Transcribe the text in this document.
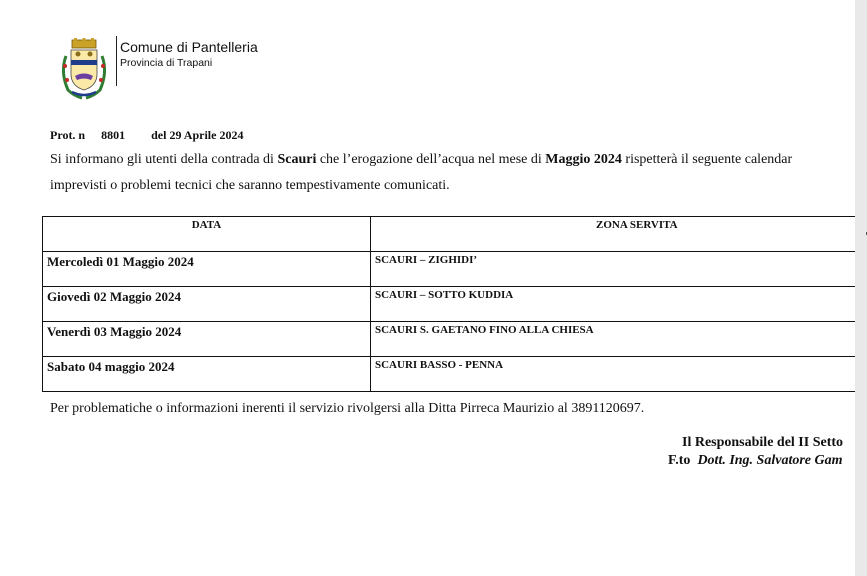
Comune di Pantelleria
Provincia di Trapani
Prot. n 8801 del 29 Aprile 2024
Si informano gli utenti della contrada di Scauri che l’erogazione dell’acqua nel mese di Maggio 2024 rispetterà il seguente calendar
imprevisti o problemi tecnici che saranno tempestivamente comunicati.
DATA	ZONA SERVITA
Mercoledì 01 Maggio 2024	SCAURI – ZIGHIDI’
Giovedì 02 Maggio 2024	SCAURI – SOTTO KUDDIA
Venerdì 03 Maggio 2024	SCAURI S. GAETANO FINO ALLA CHIESA
Sabato 04 maggio 2024	SCAURI BASSO - PENNA
Per problematiche o informazioni inerenti il servizio rivolgersi alla Ditta Pirreca Maurizio al 3891120697.
Il Responsabile del II Setto
F.to Dott. Ing. Salvatore Gam
